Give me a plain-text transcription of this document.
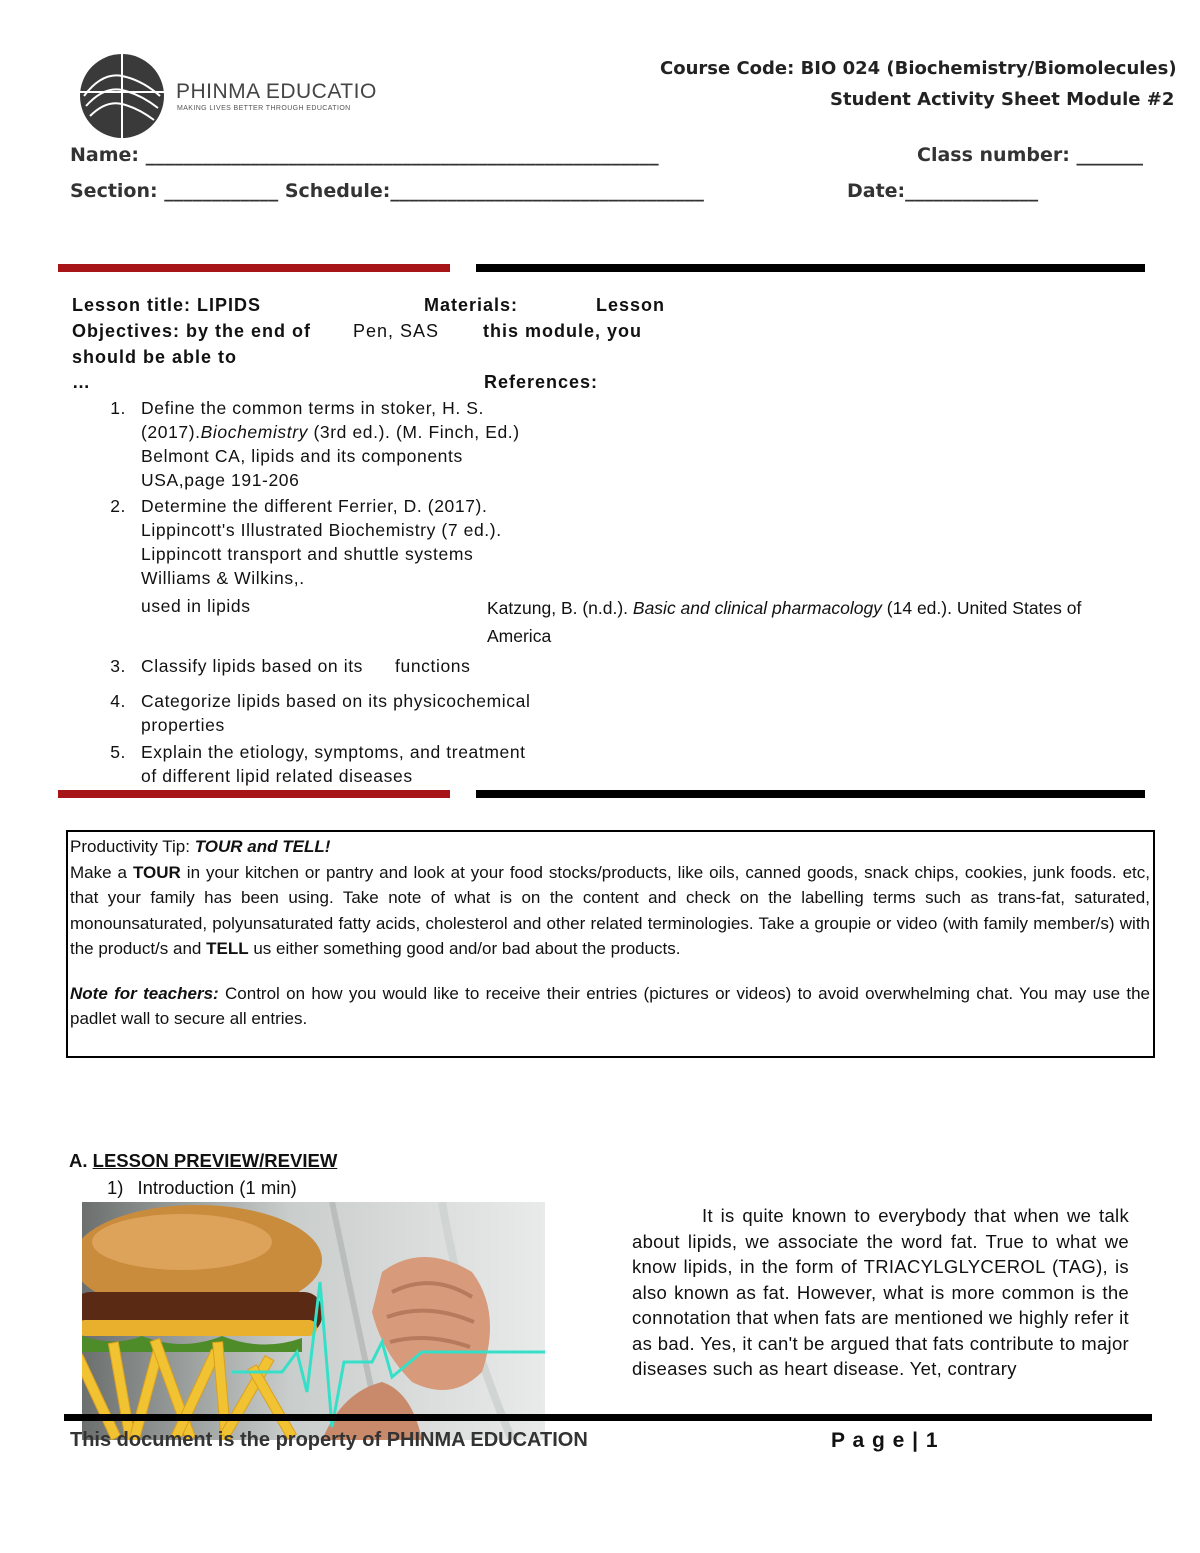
PHINMA EDUCATION
MAKING LIVES BETTER THROUGH EDUCATION
Course Code: BIO 024 (Biochemistry/Biomolecules)
Student Activity Sheet Module #2
Name: ______________________________________________________	Class number: _______
Section: ____________ Schedule:_________________________________	Date:______________
Lesson title: LIPIDS	Materials:	Lesson
Objectives: by the end of Pen, SAS this module, you
should be able to
…	References:
1. Define the common terms in stoker, H. S.
(2017).Biochemistry (3rd ed.). (M. Finch, Ed.)
Belmont CA, lipids and its components
USA,page 191-206
2. Determine the different Ferrier, D. (2017).
Lippincott's Illustrated Biochemistry (7 ed.).
Lippincott transport and shuttle systems
Williams & Wilkins,.
used in lipids	Katzung, B. (n.d.). Basic and clinical pharmacology (14 ed.). United States of
America
3. Classify lipids based on its functions
4. Categorize lipids based on its physicochemical
properties
5. Explain the etiology, symptoms, and treatment
of different lipid related diseases
Productivity Tip: TOUR and TELL!
Make a TOUR in your kitchen or pantry and look at your food stocks/products, like oils, canned goods, snack chips, cookies, junk foods. etc, that your family has been using. Take note of what is on the content and check on the labelling terms such as trans-fat, saturated, monounsaturated, polyunsaturated fatty acids, cholesterol and other related terminologies. Take a groupie or video (with family member/s) with the product/s and TELL us either something good and/or bad about the products.
Note for teachers: Control on how you would like to receive their entries (pictures or videos) to avoid overwhelming chat. You may use the padlet wall to secure all entries.
A. LESSON PREVIEW/REVIEW
1) Introduction (1 min)
It is quite known to everybody that when we talk about lipids, we associate the word fat. True to what we know lipids, in the form of TRIACYLGLYCEROL (TAG), is also known as fat. However, what is more common is the connotation that when fats are mentioned we highly refer it as bad. Yes, it can't be argued that fats contribute to major diseases such as heart disease. Yet, contrary
This document is the property of PHINMA EDUCATION	P a g e | 1
